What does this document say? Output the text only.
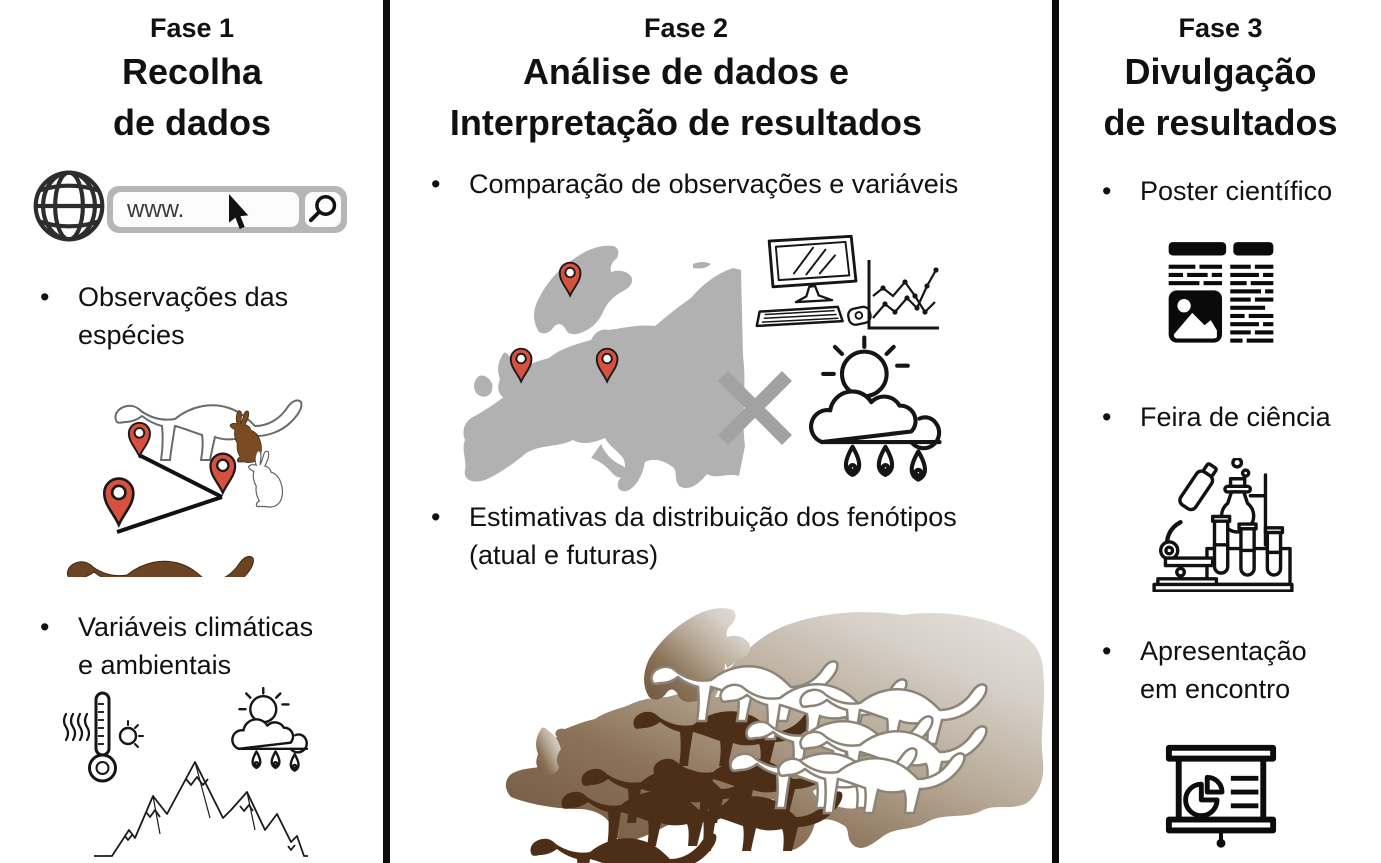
Fase 1
Recolha
de dados
www.
•	Observações das
espécies
•	Variáveis climáticas
e ambientais
Fase 2
Análise de dados e
Interpretação de resultados
•	Comparação de observações e variáveis
•	Estimativas da distribuição dos fenótipos
(atual e futuras)
Fase 3
Divulgação
de resultados
•	Poster científico
•	Feira de ciência
•	Apresentação
em encontro
